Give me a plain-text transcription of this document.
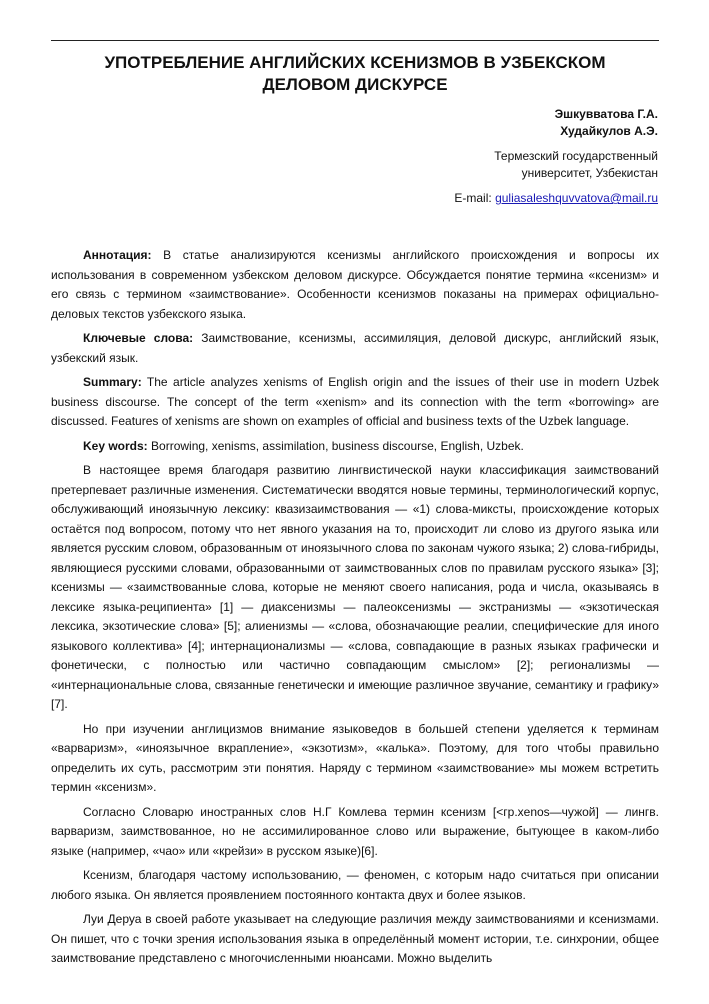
УПОТРЕБЛЕНИЕ АНГЛИЙСКИХ КСЕНИЗМОВ В УЗБЕКСКОМ
ДЕЛОВОМ ДИСКУРСЕ
Эшкувватова Г.А.
Худайкулов А.Э.
Термезский государственный
университет, Узбекистан
E-mail: guliasaleshquvvatova@mail.ru

Аннотация: В статье анализируются ксенизмы английского происхождения и вопросы их использования в современном узбекском деловом дискурсе. Обсуждается понятие термина «ксенизм» и его связь с термином «заимствование». Особенности ксенизмов показаны на примерах официально-деловых текстов узбекского языка.

Ключевые слова: Заимствование, ксенизмы, ассимиляция, деловой дискурс, английский язык, узбекский язык.

Summary: The article analyzes xenisms of English origin and the issues of their use in modern Uzbek business discourse. The concept of the term «xenism» and its connection with the term «borrowing» are discussed. Features of xenisms are shown on examples of official and business texts of the Uzbek language.

Key words: Borrowing, xenisms, assimilation, business discourse, English, Uzbek.

В настоящее время благодаря развитию лингвистической науки классификация заимствований претерпевает различные изменения. Систематически вводятся новые термины, терминологический корпус, обслуживающий иноязычную лексику: квазизаимствования — «1) слова-миксты, происхождение которых остаётся под вопросом, потому что нет явного указания на то, происходит ли слово из другого языка или является русским словом, образованным от иноязычного слова по законам чужого языка; 2) слова-гибриды, являющиеся русскими словами, образованными от заимствованных слов по правилам русского языка» [3]; ксенизмы — «заимствованные слова, которые не меняют своего написания, рода и числа, оказываясь в лексике языка-реципиента» [1] — диаксенизмы — палеоксенизмы — экстранизмы — «экзотическая лексика, экзотические слова» [5]; алиенизмы — «слова, обозначающие реалии, специфические для иного языкового коллектива» [4]; интернационализмы — «слова, совпадающие в разных языках графически и фонетически, с полностью или частично совпадающим смыслом» [2]; регионализмы — «интернациональные слова, связанные генетически и имеющие различное звучание, семантику и графику» [7].

Но при изучении англицизмов внимание языковедов в большей степени уделяется к терминам «варваризм», «иноязычное вкрапление», «экзотизм», «калька». Поэтому, для того чтобы правильно определить их суть, рассмотрим эти понятия. Наряду с термином «заимствование» мы можем встретить термин «ксенизм».

Согласно Словарю иностранных слов Н.Г Комлева термин ксенизм [<гр.xenos—чужой] — лингв. варваризм, заимствованное, но не ассимилированное слово или выражение, бытующее в каком-либо языке (например, «чао» или «крейзи» в русском языке)[6].

Ксенизм, благодаря частому использованию, — феномен, с которым надо считаться при описании любого языка. Он является проявлением постоянного контакта двух и более языков.

Луи Деруа в своей работе указывает на следующие различия между заимствованиями и ксенизмами. Он пишет, что с точки зрения использования языка в определённый момент истории, т.е. синхронии, общее заимствование представлено с многочисленными нюансами. Можно выделить
